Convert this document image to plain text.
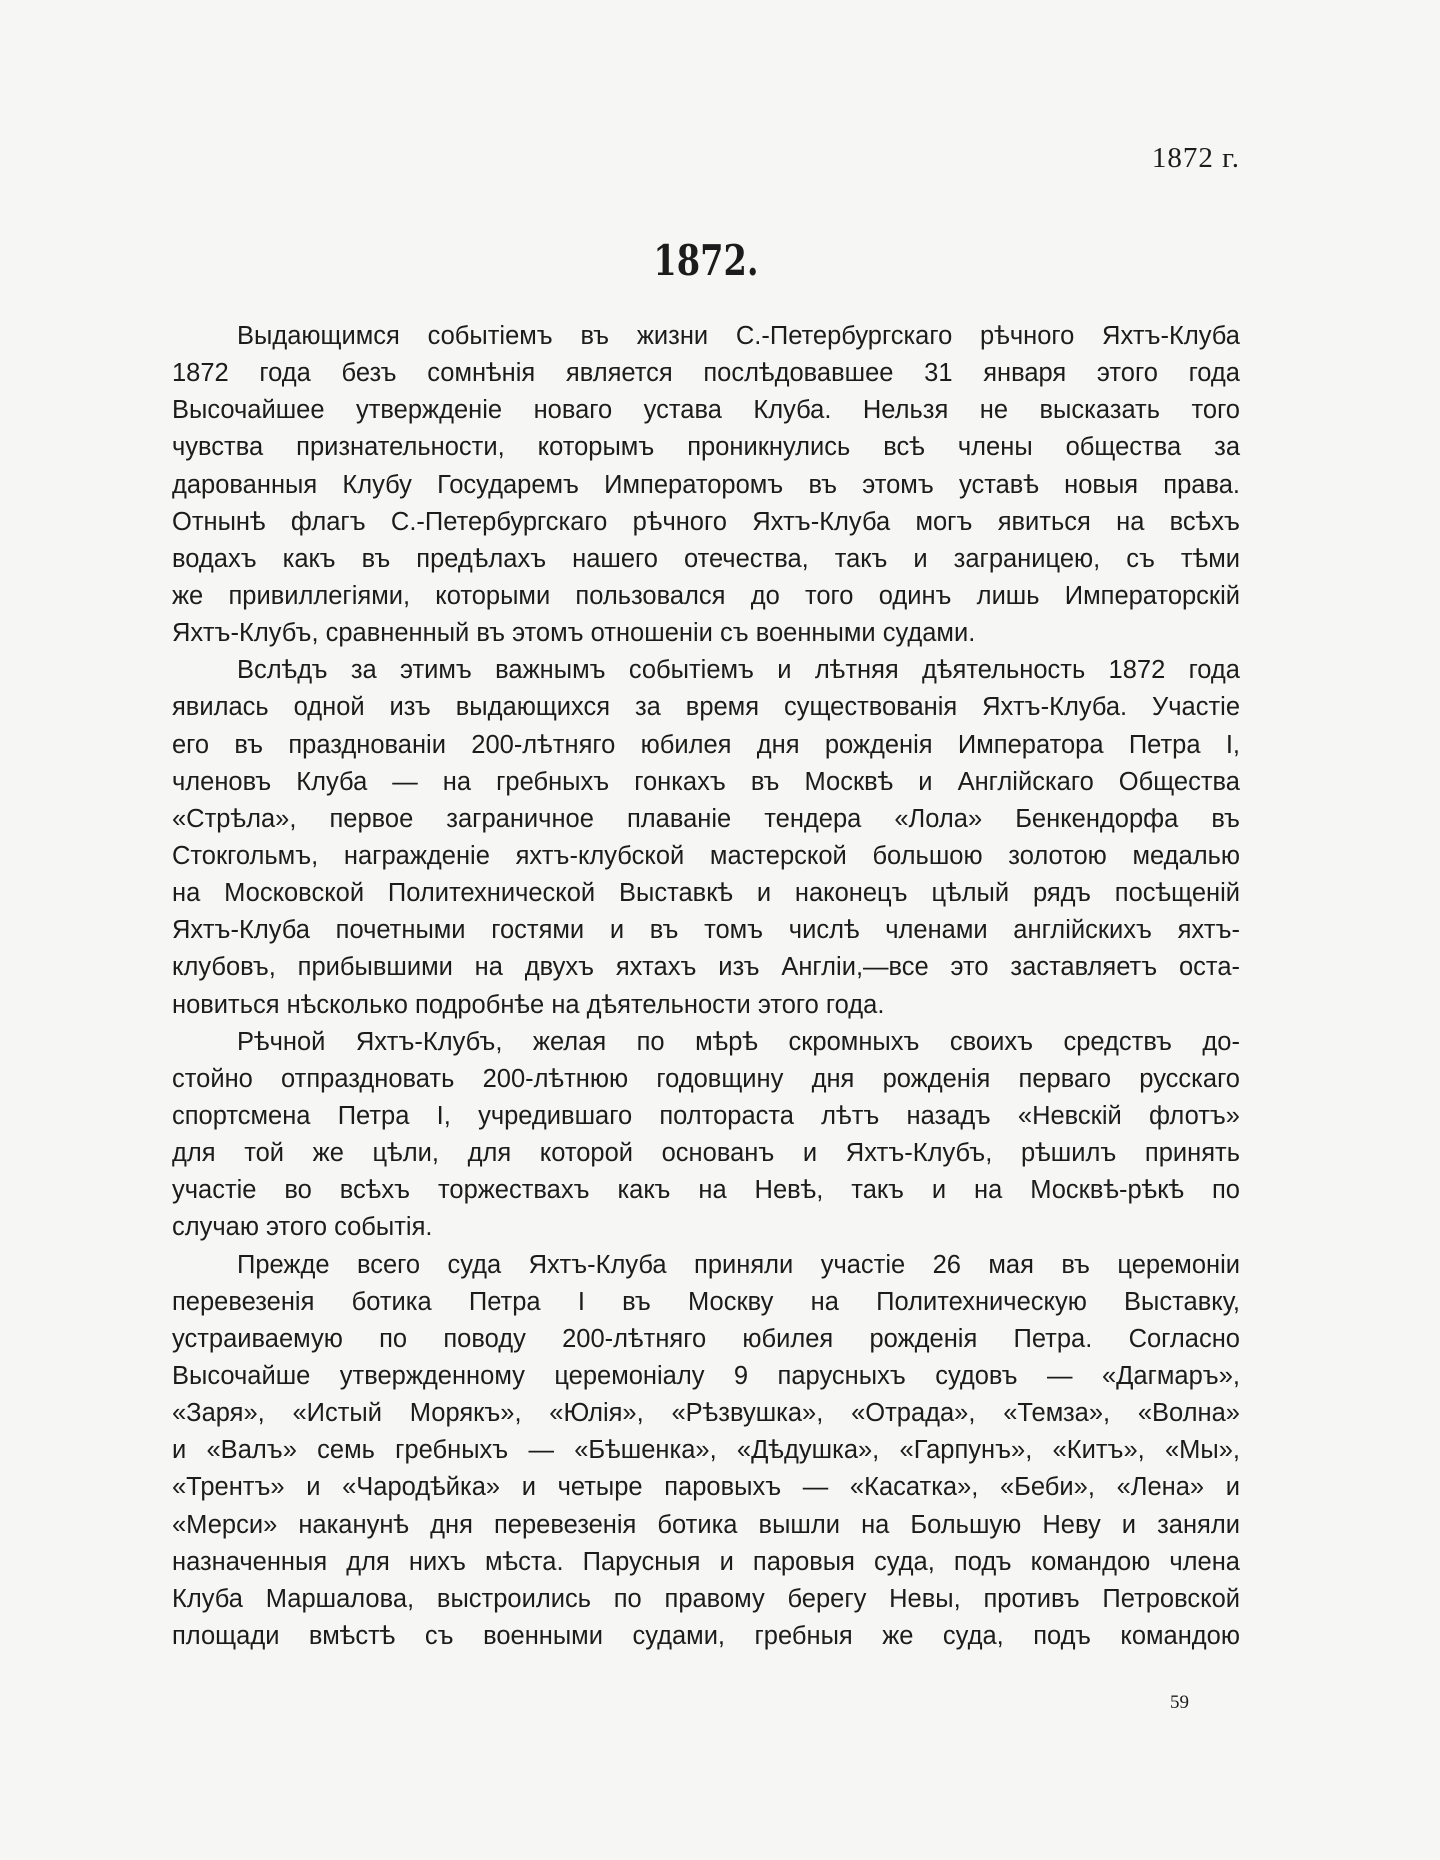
1872 г.
1872.
Выдающимся событіемъ въ жизни С.-Петербургскаго рѣчного Яхтъ-Клуба
1872 года безъ сомнѣнія является послѣдовавшее 31 января этого года
Высочайшее утвержденіе новаго устава Клуба. Нельзя не высказать того
чувства признательности, которымъ проникнулись всѣ члены общества за
дарованныя Клубу Государемъ Императоромъ въ этомъ уставѣ новыя права.
Отнынѣ флагъ С.-Петербургскаго рѣчного Яхтъ-Клуба могъ явиться на всѣхъ
водахъ какъ въ предѣлахъ нашего отечества, такъ и заграницею, съ тѣми
же привиллегіями, которыми пользовался до того одинъ лишь Императорскій
Яхтъ-Клубъ, сравненный въ этомъ отношеніи съ военными судами.
Вслѣдъ за этимъ важнымъ событіемъ и лѣтняя дѣятельность 1872 года
явилась одной изъ выдающихся за время существованія Яхтъ-Клуба. Участіе
его въ празднованіи 200-лѣтняго юбилея дня рожденія Императора Петра I,
членовъ Клуба — на гребныхъ гонкахъ въ Москвѣ и Англійскаго Общества
«Стрѣла», первое заграничное плаваніе тендера «Лола» Бенкендорфа въ
Стокгольмъ, награжденіе яхтъ-клубской мастерской большою золотою медалью
на Московской Политехнической Выставкѣ и наконецъ цѣлый рядъ посѣщеній
Яхтъ-Клуба почетными гостями и въ томъ числѣ членами англійскихъ яхтъ-
клубовъ, прибывшими на двухъ яхтахъ изъ Англіи,—все это заставляетъ оста-
новиться нѣсколько подробнѣе на дѣятельности этого года.
Рѣчной Яхтъ-Клубъ, желая по мѣрѣ скромныхъ своихъ средствъ до-
стойно отпраздновать 200-лѣтнюю годовщину дня рожденія перваго русскаго
спортсмена Петра I, учредившаго полтораста лѣтъ назадъ «Невскій флотъ»
для той же цѣли, для которой основанъ и Яхтъ-Клубъ, рѣшилъ принять
участіе во всѣхъ торжествахъ какъ на Невѣ, такъ и на Москвѣ-рѣкѣ по
случаю этого событія.
Прежде всего суда Яхтъ-Клуба приняли участіе 26 мая въ церемоніи
перевезенія ботика Петра I въ Москву на Политехническую Выставку,
устраиваемую по поводу 200-лѣтняго юбилея рожденія Петра. Согласно
Высочайше утвержденному церемоніалу 9 парусныхъ судовъ — «Дагмаръ»,
«Заря», «Истый Морякъ», «Юлія», «Рѣзвушка», «Отрада», «Темза», «Волна»
и «Валъ» семь гребныхъ — «Бѣшенка», «Дѣдушка», «Гарпунъ», «Китъ», «Мы»,
«Трентъ» и «Чародѣйка» и четыре паровыхъ — «Касатка», «Беби», «Лена» и
«Мерси» наканунѣ дня перевезенія ботика вышли на Большую Неву и заняли
назначенныя для нихъ мѣста. Парусныя и паровыя суда, подъ командою члена
Клуба Маршалова, выстроились по правому берегу Невы, противъ Петровской
площади вмѣстѣ съ военными судами, гребныя же суда, подъ командою
59
